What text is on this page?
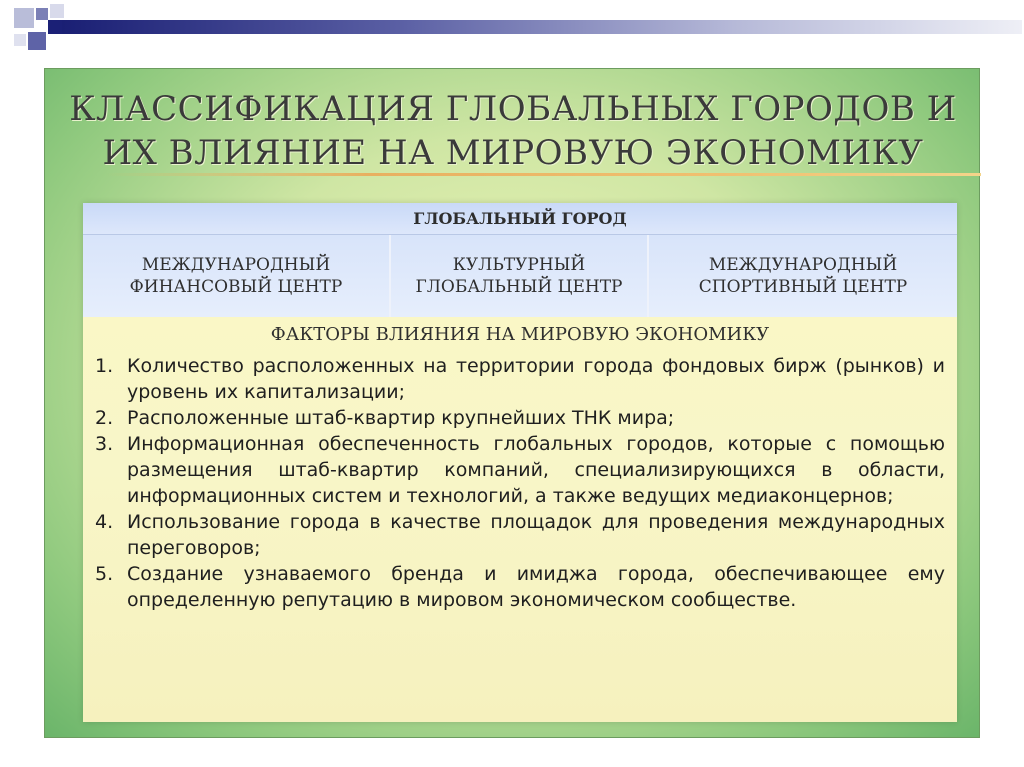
КЛАССИФИКАЦИЯ ГЛОБАЛЬНЫХ ГОРОДОВ И
ИХ ВЛИЯНИЕ НА МИРОВУЮ ЭКОНОМИКУ
ГЛОБАЛЬНЫЙ ГОРОД
МЕЖДУНАРОДНЫЙ
ФИНАНСОВЫЙ ЦЕНТР
КУЛЬТУРНЫЙ
ГЛОБАЛЬНЫЙ ЦЕНТР
МЕЖДУНАРОДНЫЙ
СПОРТИВНЫЙ ЦЕНТР
ФАКТОРЫ ВЛИЯНИЯ НА МИРОВУЮ ЭКОНОМИКУ
1. Количество расположенных на территории города фондовых бирж (рынков) и уровень их капитализации;
2. Расположенные штаб-квартир крупнейших ТНК мира;
3. Информационная обеспеченность глобальных городов, которые с помощью размещения штаб-квартир компаний, специализирующихся в области, информационных систем и технологий, а также ведущих медиаконцернов;
4. Использование города в качестве площадок для проведения международных переговоров;
5. Создание узнаваемого бренда и имиджа города, обеспечивающее ему определенную репутацию в мировом экономическом сообществе.
